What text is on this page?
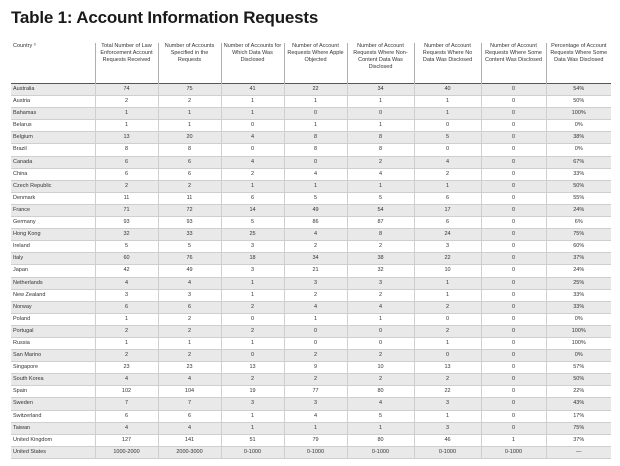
Table 1: Account Information Requests
Country ³	Total Number of Law Enforcement Account Requests Received	Number of Accounts Specified in the Requests	Number of Accounts for Which Data Was Disclosed	Number of Account Requests Where Apple Objected	Number of Account Requests Where Non-Content Data Was Disclosed	Number of Account Requests Where No Data Was Disclosed	Number of Account Requests Where Some Content Was Disclosed	Percentage of Account Requests Where Some Data Was Disclosed
Australia	74	75	41	22	34	40	0	54%
Austria	2	2	1	1	1	1	0	50%
Bahamas	1	1	1	0	0	1	0	100%
Belarus	1	1	0	1	1	0	0	0%
Belgium	13	20	4	8	8	5	0	38%
Brazil	8	8	0	8	8	0	0	0%
Canada	6	6	4	0	2	4	0	67%
China	6	6	2	4	4	2	0	33%
Czech Republic	2	2	1	1	1	1	0	50%
Denmark	11	11	6	5	5	6	0	55%
France	71	72	14	49	54	17	0	24%
Germany	93	93	5	86	87	6	0	6%
Hong Kong	32	33	25	4	8	24	0	75%
Ireland	5	5	3	2	2	3	0	60%
Italy	60	76	18	34	38	22	0	37%
Japan	42	49	3	21	32	10	0	24%
Netherlands	4	4	1	3	3	1	0	25%
New Zealand	3	3	1	2	2	1	0	33%
Norway	6	6	2	4	4	2	0	33%
Poland	1	2	0	1	1	0	0	0%
Portugal	2	2	2	0	0	2	0	100%
Russia	1	1	1	0	0	1	0	100%
San Marino	2	2	0	2	2	0	0	0%
Singapore	23	23	13	9	10	13	0	57%
South Korea	4	4	2	2	2	2	0	50%
Spain	102	104	19	77	80	22	0	22%
Sweden	7	7	3	3	4	3	0	43%
Switzerland	6	6	1	4	5	1	0	17%
Taiwan	4	4	1	1	1	3	0	75%
United Kingdom	127	141	51	79	80	46	1	37%
United States	1000-2000	2000-3000	0-1000	0-1000	0-1000	0-1000	0-1000	—
